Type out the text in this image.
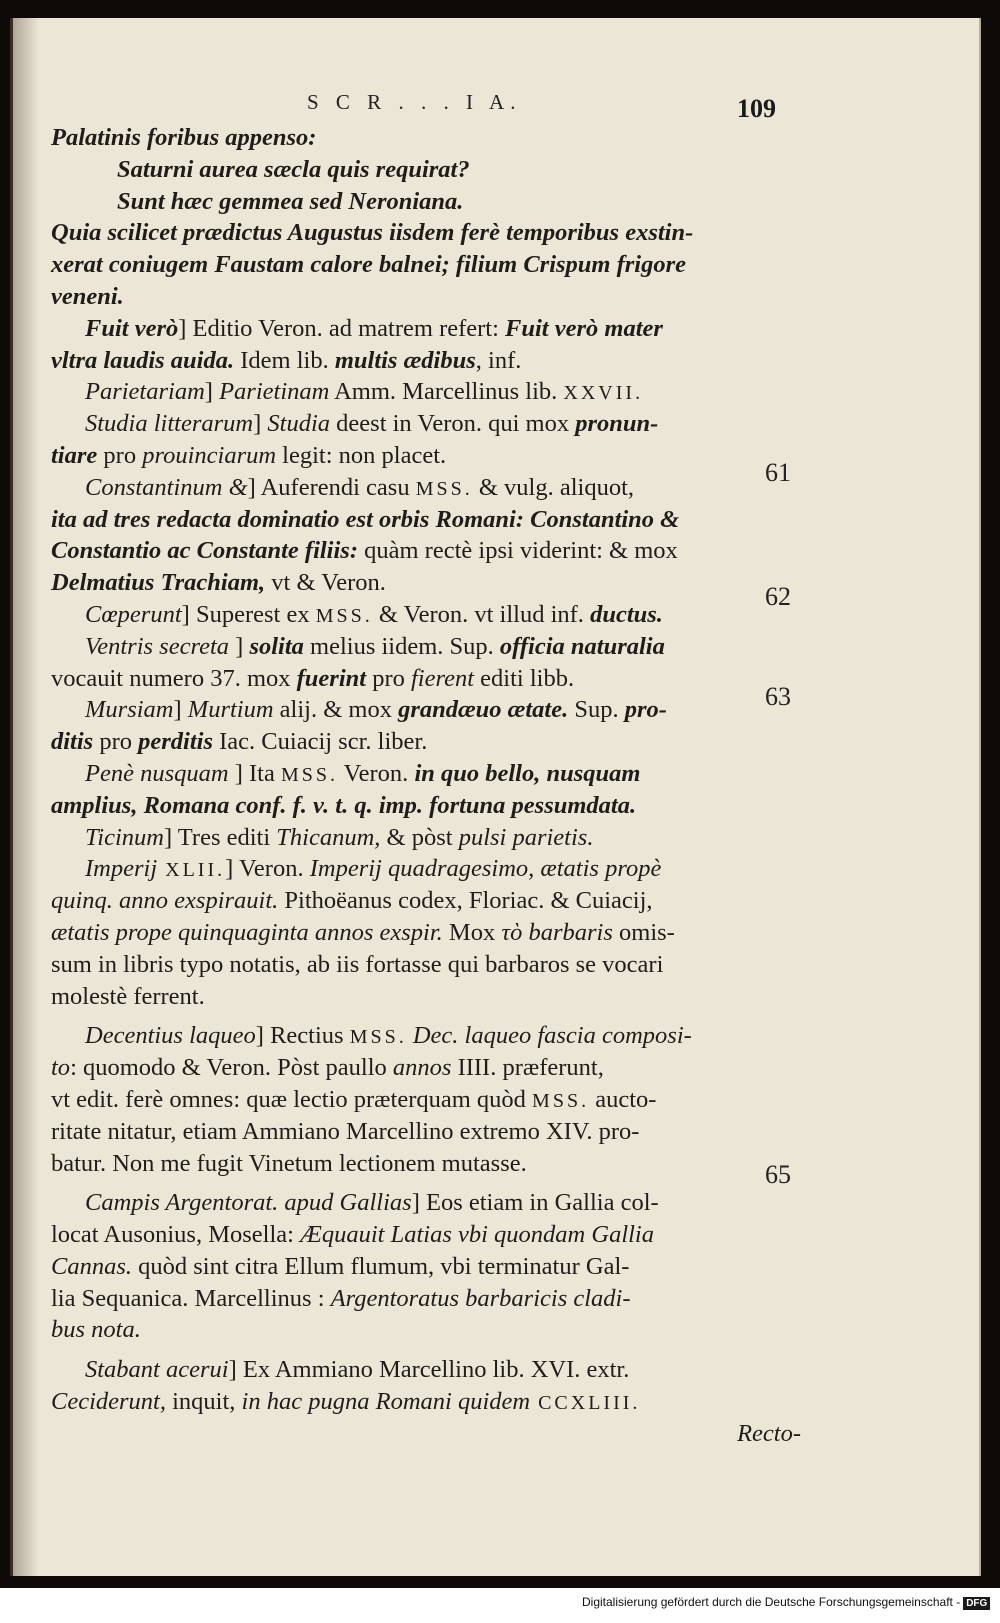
S C R . . . I A.	109
61
62
63
65
Palatinis foribus appenso:
Saturni aurea sæcla quis requirat?
Sunt hæc gemmea sed Neroniana.
Quia scilicet prædictus Augustus iisdem ferè temporibus exstin-
xerat coniugem Faustam calore balnei; filium Crispum frigore
veneni.
Fuit verò] Editio Veron. ad matrem refert: Fuit verò mater
vltra laudis auida. Idem lib. multis ædibus, inf.
Parietariam] Parietinam Amm. Marcellinus lib. XXVII.
Studia litterarum] Studia deest in Veron. qui mox pronun-
tiare pro prouinciarum legit: non placet.
Constantinum &] Auferendi casu MSS. & vulg. aliquot,
ita ad tres redacta dominatio est orbis Romani: Constantino &
Constantio ac Constante filiis: quàm rectè ipsi viderint: & mox
Delmatius Trachiam, vt & Veron.
Cœperunt] Superest ex MSS. & Veron. vt illud inf. ductus.
Ventris secreta ] solita melius iidem. Sup. officia naturalia
vocauit numero 37. mox fuerint pro fierent editi libb.
Mursiam] Murtium alij. & mox grandæuo ætate. Sup. pro-
ditis pro perditis Iac. Cuiacij scr. liber.
Penè nusquam ] Ita MSS. Veron. in quo bello, nusquam
amplius, Romana conf. f. v. t. q. imp. fortuna pessumdata.
Ticinum] Tres editi Thicanum, & pòst pulsi parietis.
Imperij XLII.] Veron. Imperij quadragesimo, ætatis propè
quinq. anno exspirauit. Pithoëanus codex, Floriac. & Cuiacij,
ætatis prope quinquaginta annos exspir. Mox τὸ barbaris omis-
sum in libris typo notatis, ab iis fortasse qui barbaros se vocari
molestè ferrent.
Decentius laqueo] Rectius MSS. Dec. laqueo fascia composi-
to: quomodo & Veron. Pòst paullo annos IIII. præferunt,
vt edit. ferè omnes: quæ lectio præterquam quòd MSS. aucto-
ritate nitatur, etiam Ammiano Marcellino extremo XIV. pro-
batur. Non me fugit Vinetum lectionem mutasse.
Campis Argentorat. apud Gallias] Eos etiam in Gallia col-
locat Ausonius, Mosella: Æquauit Latias vbi quondam Gallia
Cannas. quòd sint citra Ellum flumum, vbi terminatur Gal-
lia Sequanica. Marcellinus : Argentoratus barbaricis cladi-
bus nota.
Stabant acerui] Ex Ammiano Marcellino lib. XVI. extr.
Ceciderunt, inquit, in hac pugna Romani quidem CCXLIII.
Recto-
Digitalisierung gefördert durch die Deutsche Forschungsgemeinschaft - DFG
